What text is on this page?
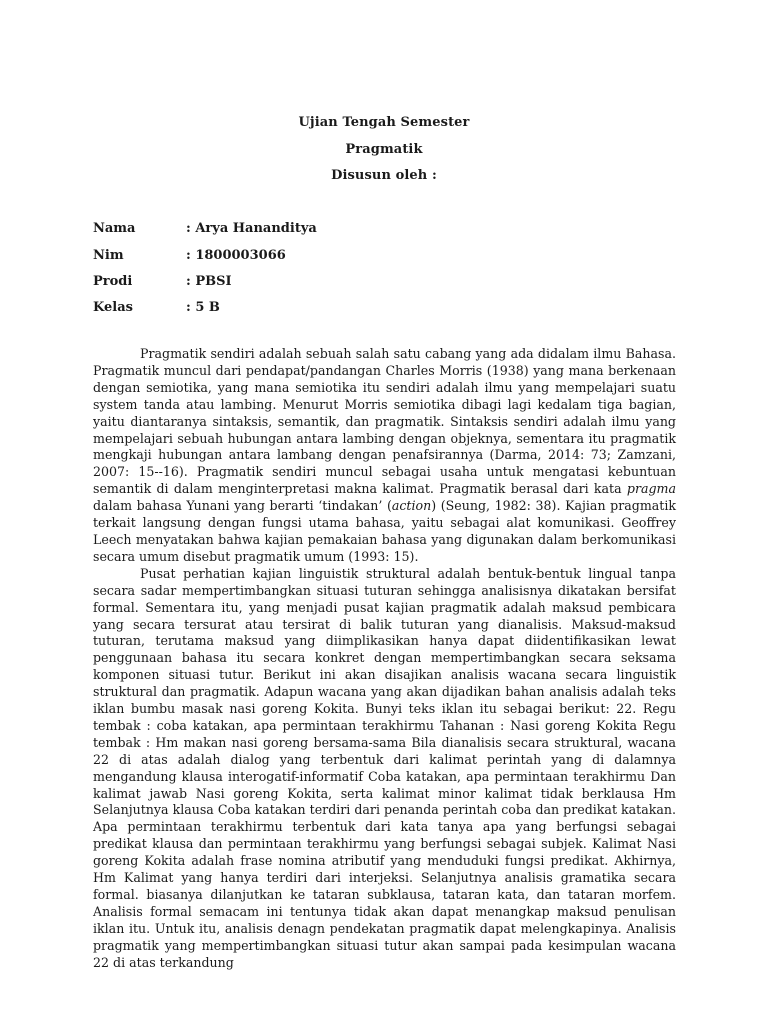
Ujian Tengah Semester
Pragmatik
Disusun oleh :
Nama	: Arya Hananditya
Nim	: 1800003066
Prodi	: PBSI
Kelas	: 5 B

Pragmatik sendiri adalah sebuah salah satu cabang yang ada didalam ilmu Bahasa. Pragmatik muncul dari pendapat/pandangan Charles Morris (1938) yang mana berkenaan dengan semiotika, yang mana semiotika itu sendiri adalah ilmu yang mempelajari suatu system tanda atau lambing. Menurut Morris semiotika dibagi lagi kedalam tiga bagian, yaitu diantaranya sintaksis, semantik, dan pragmatik. Sintaksis sendiri adalah ilmu yang mempelajari sebuah hubungan antara lambing dengan objeknya, sementara itu pragmatik mengkaji hubungan antara lambang dengan penafsirannya (Darma, 2014: 73; Zamzani, 2007: 15--16). Pragmatik sendiri muncul sebagai usaha untuk mengatasi kebuntuan semantik di dalam menginterpretasi makna kalimat. Pragmatik berasal dari kata pragma dalam bahasa Yunani yang berarti ‘tindakan’ (action) (Seung, 1982: 38). Kajian pragmatik terkait langsung dengan fungsi utama bahasa, yaitu sebagai alat komunikasi. Geoffrey Leech menyatakan bahwa kajian pemakaian bahasa yang digunakan dalam berkomunikasi secara umum disebut pragmatik umum (1993: 15).

Pusat perhatian kajian linguistik struktural adalah bentuk-bentuk lingual tanpa secara sadar mempertimbangkan situasi tuturan sehingga analisisnya dikatakan bersifat formal. Sementara itu, yang menjadi pusat kajian pragmatik adalah maksud pembicara yang secara tersurat atau tersirat di balik tuturan yang dianalisis. Maksud-maksud tuturan, terutama maksud yang diimplikasikan hanya dapat diidentifikasikan lewat penggunaan bahasa itu secara konkret dengan mempertimbangkan secara seksama komponen situasi tutur. Berikut ini akan disajikan analisis wacana secara linguistik struktural dan pragmatik. Adapun wacana yang akan dijadikan bahan analisis adalah teks iklan bumbu masak nasi goreng Kokita. Bunyi teks iklan itu sebagai berikut: 22. Regu tembak : coba katakan, apa permintaan terakhirmu Tahanan : Nasi goreng Kokita Regu tembak : Hm makan nasi goreng bersama-sama Bila dianalisis secara struktural, wacana 22 di atas adalah dialog yang terbentuk dari kalimat perintah yang di dalamnya mengandung klausa interogatif-informatif Coba katakan, apa permintaan terakhirmu Dan kalimat jawab Nasi goreng Kokita, serta kalimat minor kalimat tidak berklausa Hm Selanjutnya klausa Coba katakan terdiri dari penanda perintah coba dan predikat katakan. Apa permintaan terakhirmu terbentuk dari kata tanya apa yang berfungsi sebagai predikat klausa dan permintaan terakhirmu yang berfungsi sebagai subjek. Kalimat Nasi goreng Kokita adalah frase nomina atributif yang menduduki fungsi predikat. Akhirnya, Hm Kalimat yang hanya terdiri dari interjeksi. Selanjutnya analisis gramatika secara formal. biasanya dilanjutkan ke tataran subklausa, tataran kata, dan tataran morfem. Analisis formal semacam ini tentunya tidak akan dapat menangkap maksud penulisan iklan itu. Untuk itu, analisis denagn pendekatan pragmatik dapat melengkapinya. Analisis pragmatik yang mempertimbangkan situasi tutur akan sampai pada kesimpulan wacana 22 di atas terkandung
